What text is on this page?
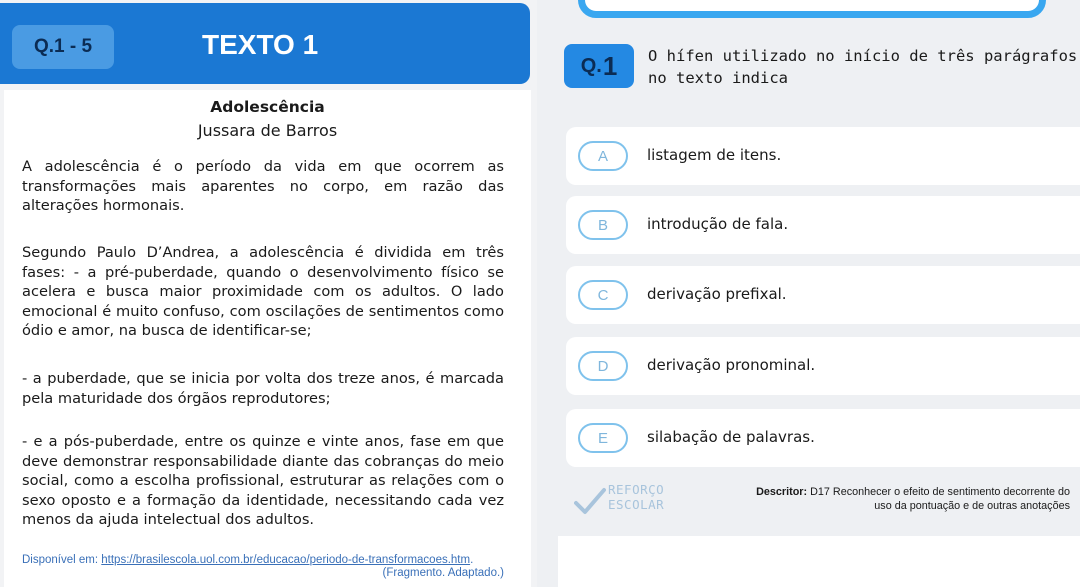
Q.1 - 5	TEXTO 1
Adolescência
Jussara de Barros

A adolescência é o período da vida em que ocorrem as transformações mais aparentes no corpo, em razão das alterações hormonais.

Segundo Paulo D’Andrea, a adolescência é dividida em três fases: - a pré-puberdade, quando o desenvolvimento físico se acelera e busca maior proximidade com os adultos. O lado emocional é muito confuso, com oscilações de sentimentos como ódio e amor, na busca de identificar-se;

- a puberdade, que se inicia por volta dos treze anos, é marcada pela maturidade dos órgãos reprodutores;

- e a pós-puberdade, entre os quinze e vinte anos, fase em que deve demonstrar responsabilidade diante das cobranças do meio social, como a escolha profissional, estruturar as relações com o sexo oposto e a formação da identidade, necessitando cada vez menos da ajuda intelectual dos adultos.

Disponível em: https://brasilescola.uol.com.br/educacao/periodo-de-transformacoes.htm.
(Fragmento. Adaptado.)
Q. 1 O hífen utilizado no início de três parágrafos no texto indica
A	listagem de itens.
B	introdução de fala.
C	derivação prefixal.
D	derivação pronominal.
E	silabação de palavras.
REFORÇO
ESCOLAR
Descritor: D17 Reconhecer o efeito de sentimento decorrente do
uso da pontuação e de outras anotações
